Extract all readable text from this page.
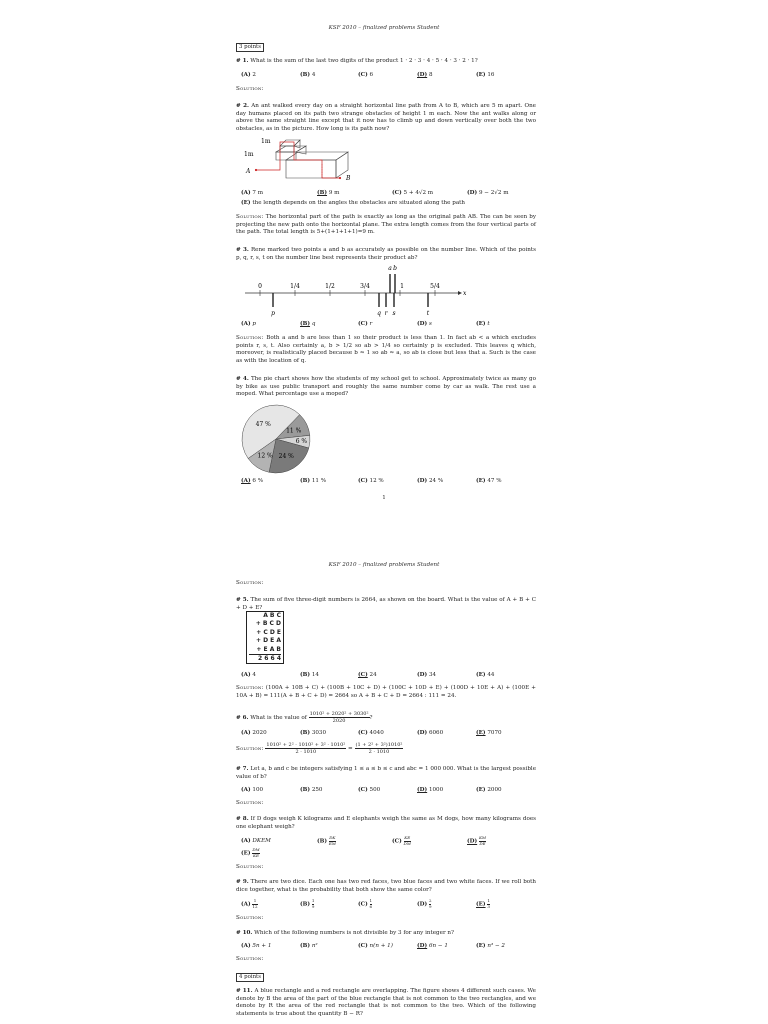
KSF 2010 – finalized problems Student
3 points
# 1. What is the sum of the last two digits of the product 1 · 2 · 3 · 4 · 5 · 4 · 3 · 2 · 1?
(A) 2	(B) 4	(C) 6	(D) 8	(E) 16
Solution:
# 2. An ant walked every day on a straight horizontal line path from A to B, which are 5 m apart. One day humans placed on its path two strange obstacles of height 1 m each. Now the ant walks along or above the same straight line except that it now has to climb up and down vertically over both the two obstacles, as in the picture. How long is its path now?
1m
1m
A
B
(A) 7 m	(B) 9 m	(C) 5 + 4√2 m	(D) 9 − 2√2 m
(E) the length depends on the angles the obstacles are situated along the path
Solution: The horizontal part of the path is exactly as long as the original path AB. The can be seen by projecting the new path onto the horizontal plane. The extra length comes from the four vertical parts of the path. The total length is 5+(1+1+1+1)=9 m.
# 3. Rene marked two points a and b as accurately as possible on the number line. Which of the points p, q, r, s, t on the number line best represents their product ab?
0	1/4	1/2	3/4	1	5/4
x
a b
p	q r s	t
(A) p	(B) q	(C) r	(D) s	(E) t
Solution: Both a and b are less than 1 so their product is less than 1. In fact ab < a which excludes points r, s, t. Also certainly a, b > 1/2 so ab > 1/4 so certainly p is excluded. This leaves q which, moreover, is realistically placed because b ≈ 1 so ab ≈ a, so ab is close but less that a. Such is the case as with the location of q.
# 4. The pie chart shows how the students of my school get to school. Approximately twice as many go by bike as use public transport and roughly the same number come by car as walk. The rest use a moped. What percentage use a moped?
47 %
11 %
6 %
24 %
12 %
(A) 6 %	(B) 11 %	(C) 12 %	(D) 24 %	(E) 47 %
1
KSF 2010 – finalized problems Student
Solution:
# 5. The sum of five three-digit numbers is 2664, as shown on the board. What is the value of A + B + C + D + E?
A B C
+ B C D
+ C D E
+ D E A
+ E A B
2 6 6 4
(A) 4	(B) 14	(C) 24	(D) 34	(E) 44
Solution: (100A + 10B + C) + (100B + 10C + D) + (100C + 10D + E) + (100D + 10E + A) + (100E + 10A + B) = 111(A + B + C + D) = 2664 so A + B + C + D = 2664 : 111 = 24.
# 6. What is the value of $\frac{\text{1010² + 2020² + 3030²}}{2020}$ ?
(A) 2020	(B) 3030	(C) 4040	(D) 6060	(E) 7070
Solution: $\frac{\text{1010² + 2² · 1010² + 3² · 1010²}}{2 \cdot 1010} = \frac{\text{(1 + 2² + 3²)1010²}}{2 \cdot 1010}$
# 7. Let a, b and c be integers satisfying 1 ≤ a ≤ b ≤ c and abc = 1 000 000. What is the largest possible value of b?
(A) 100	(B) 250	(C) 500	(D) 1000	(E) 2000
Solution:
# 8. If D dogs weigh K kilograms and E elephants weigh the same as M dogs, how many kilograms does one elephant weigh?
(A) DKEM	$(B) \frac{DK}{EM}$	$(C) \frac{KE}{DM}$	$(D) \frac{KM}{DE}$
$(E) \frac{DM}{KE}$
Solution:
# 9. There are two dice. Each one has two red faces, two blue faces and two white faces. If we roll both dice together, what is the probability that both show the same color?
$(A) \frac{1}{12}$	$(B) \frac{1}{9}$	$(C) \frac{1}{6}$	$(D) \frac{2}{9}$	$(E) \frac{1}{3}$
Solution:
# 10. Which of the following numbers is not divisible by 3 for any integer n?
(A) 5n + 1	(B) n²	(C) n(n + 1)	(D) 6n − 1	(E) n³ − 2
Solution:
4 points
# 11. A blue rectangle and a red rectangle are overlapping. The figure shows 4 different such cases. We denote by B the area of the part of the blue rectangle that is not common to the two rectangles, and we denote by R the area of the red rectangle that is not common to the two. Which of the following statements is true about the quantity B − R?
